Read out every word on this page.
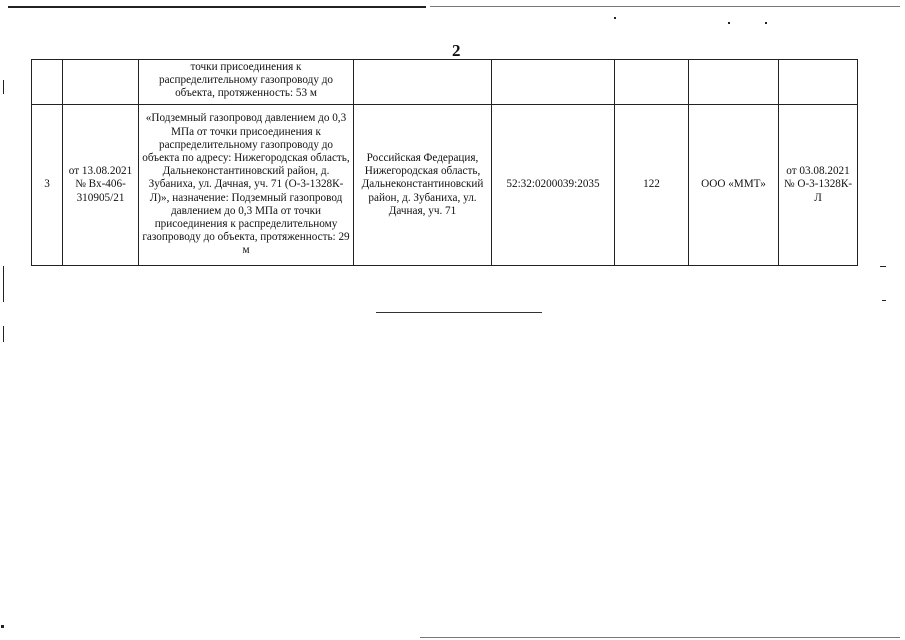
2
		точки присоединения к распределительному газопроводу до объекта, протяженность: 53 м					
3	от 13.08.2021 № Вх-406-310905/21	«Подземный газопровод давлением до 0,3 МПа от точки присоединения к распределительному газопроводу до объекта по адресу: Нижегородская область, Дальнеконстантиновский район, д. Зубаниха, ул. Дачная, уч. 71 (О-3-1328К-Л)», назначение: Подземный газопровод давлением до 0,3 МПа от точки присоединения к распределительному газопроводу до объекта, протяженность: 29 м	Российская Федерация, Нижегородская область, Дальнеконстантиновский район, д. Зубаниха, ул. Дачная, уч. 71	52:32:0200039:2035	122	ООО «ММТ»	от 03.08.2021 № О-3-1328К-Л
